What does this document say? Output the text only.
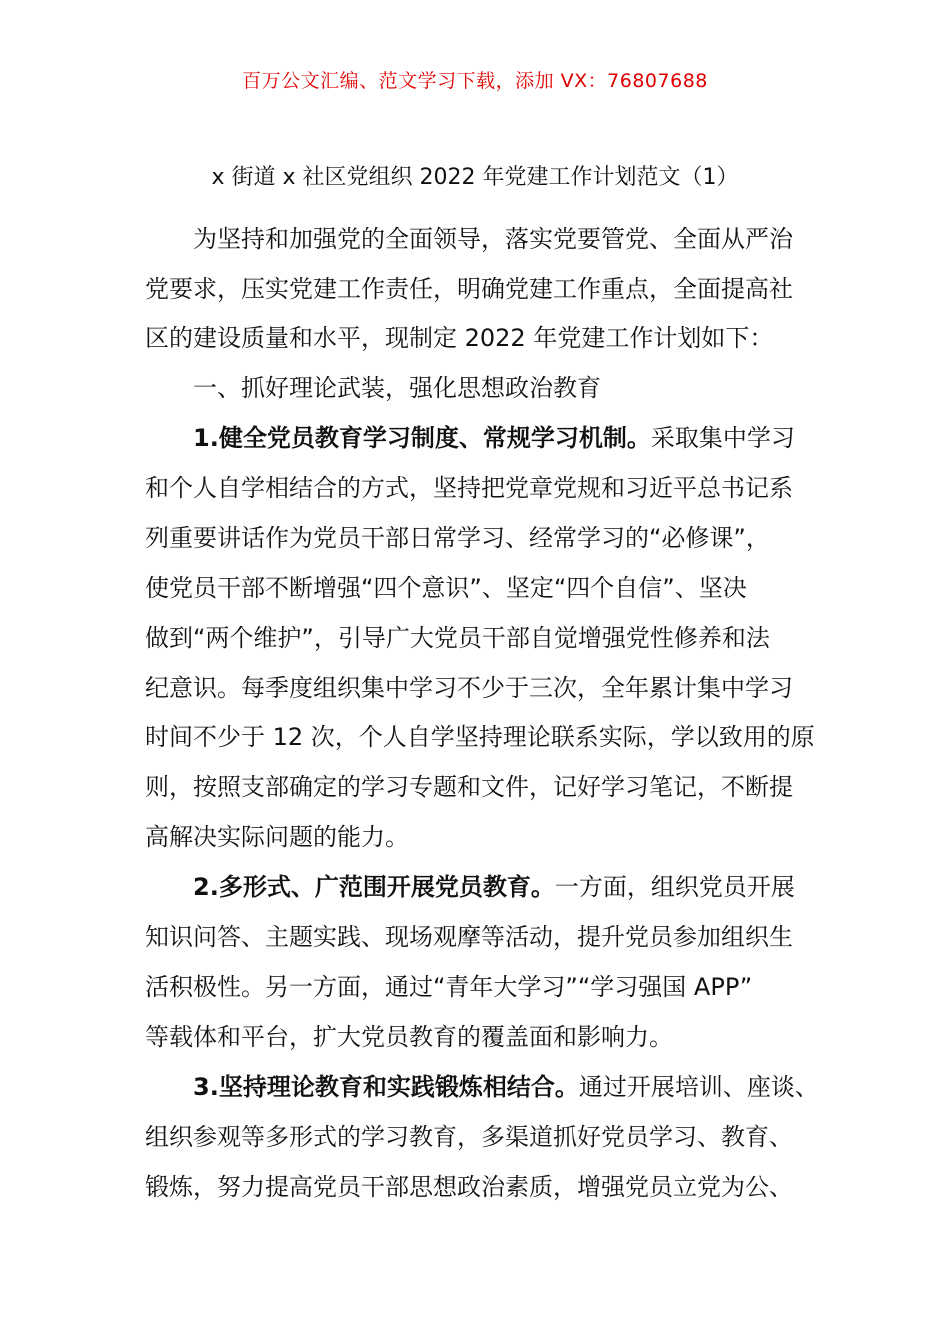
百万公文汇编、范文学习下载，添加 VX：76807688
x 街道 x 社区党组织 2022 年党建工作计划范文（1）
为坚持和加强党的全面领导，落实党要管党、全面从严治
党要求，压实党建工作责任，明确党建工作重点，全面提高社
区的建设质量和水平，现制定 2022 年党建工作计划如下：
一、抓好理论武装，强化思想政治教育
1.健全党员教育学习制度、常规学习机制。采取集中学习
和个人自学相结合的方式，坚持把党章党规和习近平总书记系
列重要讲话作为党员干部日常学习、经常学习的“必修课”，
使党员干部不断增强“四个意识”、坚定“四个自信”、坚决
做到“两个维护”，引导广大党员干部自觉增强党性修养和法
纪意识。每季度组织集中学习不少于三次，全年累计集中学习
时间不少于 12 次，个人自学坚持理论联系实际，学以致用的原
则，按照支部确定的学习专题和文件，记好学习笔记，不断提
高解决实际问题的能力。
2.多形式、广范围开展党员教育。一方面，组织党员开展
知识问答、主题实践、现场观摩等活动，提升党员参加组织生
活积极性。另一方面，通过“青年大学习”“学习强国 APP”
等载体和平台，扩大党员教育的覆盖面和影响力。
3.坚持理论教育和实践锻炼相结合。通过开展培训、座谈、
组织参观等多形式的学习教育，多渠道抓好党员学习、教育、
锻炼，努力提高党员干部思想政治素质，增强党员立党为公、
